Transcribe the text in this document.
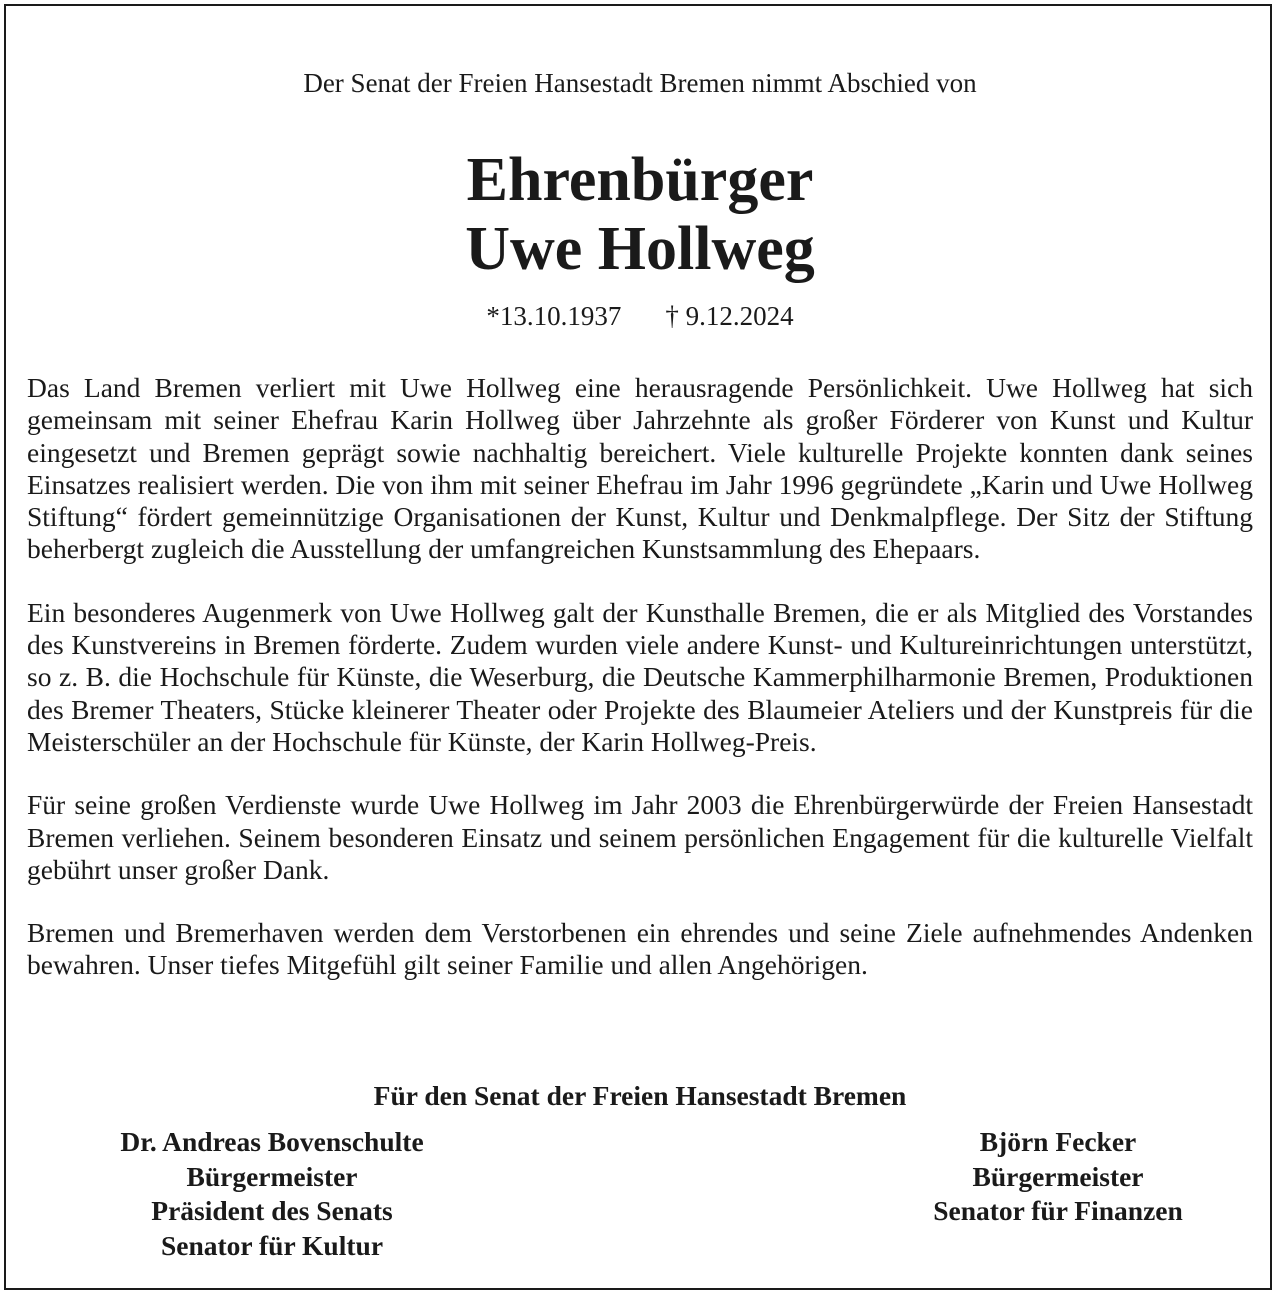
Der Senat der Freien Hansestadt Bremen nimmt Abschied von

Ehrenbürger
Uwe Hollweg
*13.10.1937 † 9.12.2024

Das Land Bremen verliert mit Uwe Hollweg eine herausragende Persönlichkeit. Uwe Hollweg hat sich gemeinsam mit seiner Ehefrau Karin Hollweg über Jahrzehnte als großer Förderer von Kunst und Kultur eingesetzt und Bremen geprägt sowie nachhaltig bereichert. Viele kulturelle Projekte konnten dank seines Einsatzes realisiert werden. Die von ihm mit seiner Ehefrau im Jahr 1996 gegründete „Karin und Uwe Hollweg Stiftung“ fördert gemeinnützige Organisationen der Kunst, Kultur und Denkmalpflege. Der Sitz der Stiftung beherbergt zugleich die Ausstellung der umfangreichen Kunstsammlung des Ehepaars.

Ein besonderes Augenmerk von Uwe Hollweg galt der Kunsthalle Bremen, die er als Mitglied des Vorstandes des Kunstvereins in Bremen förderte. Zudem wurden viele andere Kunst- und Kultureinrichtungen unterstützt, so z. B. die Hochschule für Künste, die Weserburg, die Deutsche Kammerphilharmonie Bremen, Produktionen des Bremer Theaters, Stücke kleinerer Theater oder Projekte des Blaumeier Ateliers und der Kunstpreis für die Meisterschüler an der Hochschule für Künste, der Karin Hollweg-Preis.

Für seine großen Verdienste wurde Uwe Hollweg im Jahr 2003 die Ehrenbürgerwürde der Freien Hansestadt Bremen verliehen. Seinem besonderen Einsatz und seinem persönlichen Engagement für die kulturelle Vielfalt gebührt unser großer Dank.

Bremen und Bremerhaven werden dem Verstorbenen ein ehrendes und seine Ziele aufnehmendes Andenken bewahren. Unser tiefes Mitgefühl gilt seiner Familie und allen Angehörigen.

Für den Senat der Freien Hansestadt Bremen

Dr. Andreas Bovenschulte
Bürgermeister
Präsident des Senats
Senator für Kultur
Björn Fecker
Bürgermeister
Senator für Finanzen
